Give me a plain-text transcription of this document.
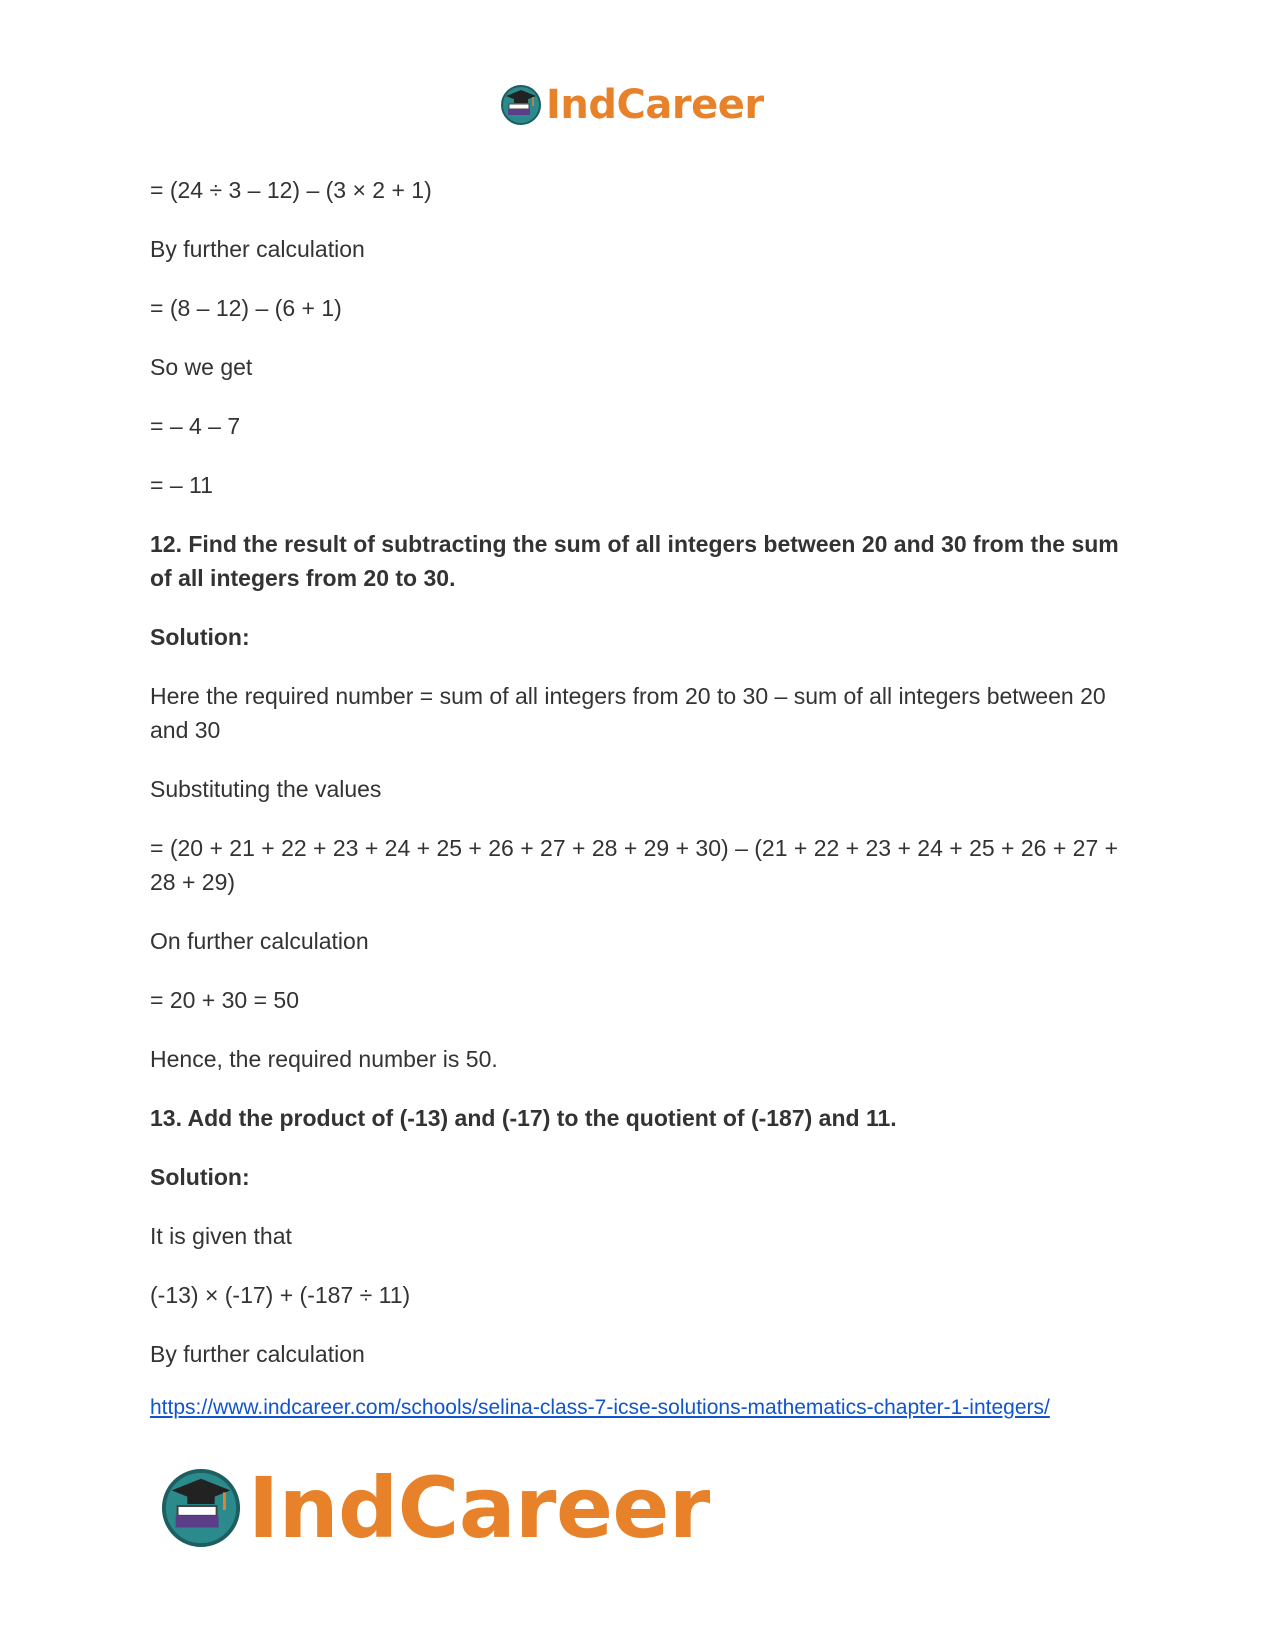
IndCareer

= (24 ÷ 3 – 12) – (3 × 2 + 1)

By further calculation

= (8 – 12) – (6 + 1)

So we get

= – 4 – 7

= – 11

12. Find the result of subtracting the sum of all integers between 20 and 30 from the sum of all integers from 20 to 30.

Solution:

Here the required number = sum of all integers from 20 to 30 – sum of all integers between 20 and 30

Substituting the values

= (20 + 21 + 22 + 23 + 24 + 25 + 26 + 27 + 28 + 29 + 30) – (21 + 22 + 23 + 24 + 25 + 26 + 27 + 28 + 29)

On further calculation

= 20 + 30 = 50

Hence, the required number is 50.

13. Add the product of (-13) and (-17) to the quotient of (-187) and 11.

Solution:

It is given that

(-13) × (-17) + (-187 ÷ 11)

By further calculation

https://www.indcareer.com/schools/selina-class-7-icse-solutions-mathematics-chapter-1-integers/
IndCareer
